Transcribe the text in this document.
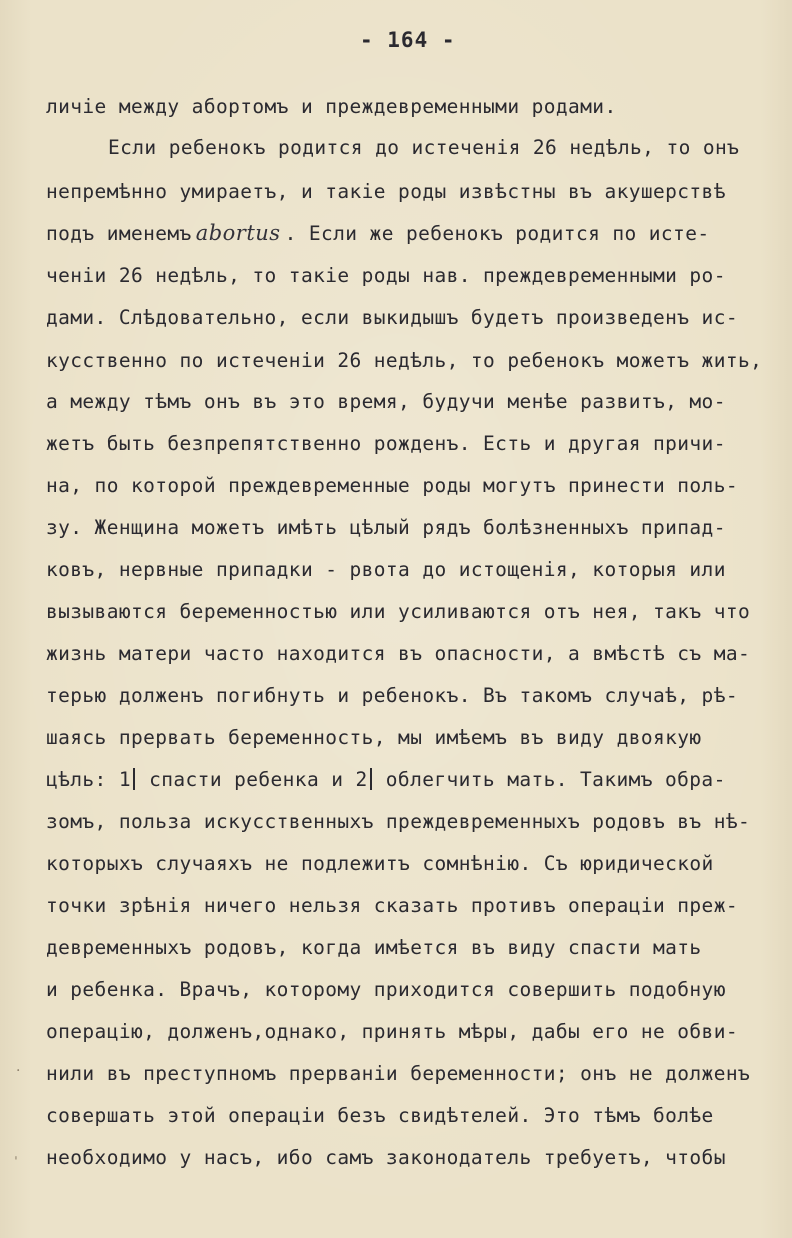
- 164 -
личiе между абортомъ и преждевременными родами.
Если ребенокъ родится до истеченiя 26 недѣль, то онъ
непремѣнно умираетъ, и такiе роды извѣстны въ акушерствѣ
подъ именемъ abortus . Если же ребенокъ родится по исте-
ченiи 26 недѣль, то такiе роды нав. преждевременными ро-
дами. Слѣдовательно, если выкидышъ будетъ произведенъ ис-
кусственно по истеченiи 26 недѣль, то ребенокъ можетъ жить,
а между тѣмъ онъ въ это время, будучи менѣе развитъ, мо-
жетъ быть безпрепятственно рожденъ. Есть и другая причи-
на, по которой преждевременные роды могутъ принести поль-
зу. Женщина можетъ имѣть цѣлый рядъ болѣзненныхъ припад-
ковъ, нервные припадки - рвота до истощенiя, которыя или
вызываются беременностью или усиливаются отъ нея, такъ что
жизнь матери часто находится въ опасности, а вмѣстѣ съ ма-
терью долженъ погибнуть и ребенокъ. Въ такомъ случаѣ, рѣ-
шаясь прервать беременность, мы имѣемъ въ виду двоякую
цѣль: 1 спасти ребенка и 2 облегчить мать. Такимъ обра-
зомъ, польза искусственныхъ преждевременныхъ родовъ въ нѣ-
которыхъ случаяхъ не подлежитъ сомнѣнiю. Съ юридической
точки зрѣнiя ничего нельзя сказать противъ операцiи преж-
девременныхъ родовъ, когда имѣется въ виду спасти мать
и ребенка. Врачъ, которому приходится совершить подобную
операцiю, долженъ,однако, принять мѣры, дабы его не обви-
нили въ преступномъ прерванiи беременности; онъ не долженъ
совершать этой операцiи безъ свидѣтелей. Это тѣмъ болѣе
необходимо у насъ, ибо самъ законодатель требуетъ, чтобы
·
ˌ
